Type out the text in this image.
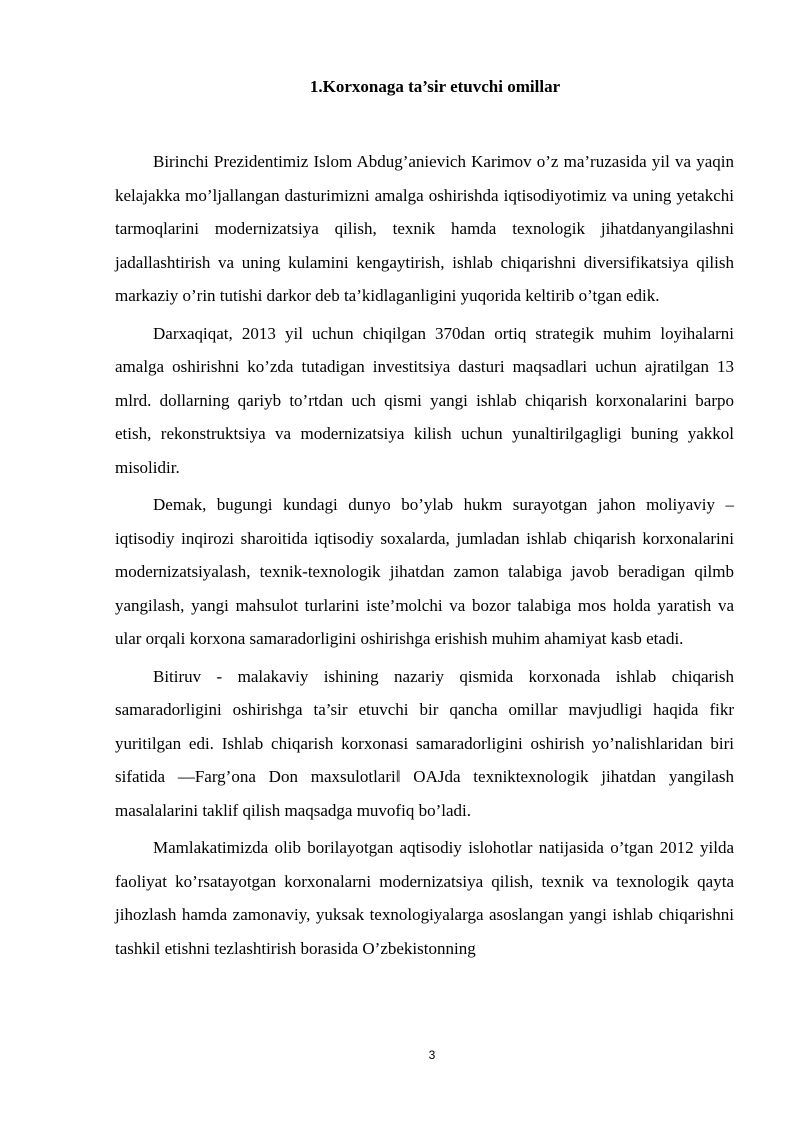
1.Korxonaga ta’sir etuvchi omillar

Birinchi Prezidentimiz Islom Abdug’anievich Karimov o’z ma’ruzasida yil va yaqin kelajakka mo’ljallangan dasturimizni amalga oshirishda iqtisodiyotimiz va uning yetakchi tarmoqlarini modernizatsiya qilish, texnik hamda texnologik jihatdanyangilashni jadallashtirish va uning kulamini kengaytirish, ishlab chiqarishni diversifikatsiya qilish markaziy o’rin tutishi darkor deb ta’kidlaganligini yuqorida keltirib o’tgan edik.

Darxaqiqat, 2013 yil uchun chiqilgan 370dan ortiq strategik muhim loyihalarni amalga oshirishni ko’zda tutadigan investitsiya dasturi maqsadlari uchun ajratilgan 13 mlrd. dollarning qariyb to’rtdan uch qismi yangi ishlab chiqarish korxonalarini barpo etish, rekonstruktsiya va modernizatsiya kilish uchun yunaltirilgagligi buning yakkol misolidir.

Demak, bugungi kundagi dunyo bo’ylab hukm surayotgan jahon moliyaviy – iqtisodiy inqirozi sharoitida iqtisodiy soxalarda, jumladan ishlab chiqarish korxonalarini modernizatsiyalash, texnik-texnologik jihatdan zamon talabiga javob beradigan qilmb yangilash, yangi mahsulot turlarini iste’molchi va bozor talabiga mos holda yaratish va ular orqali korxona samaradorligini oshirishga erishish muhim ahamiyat kasb etadi.

Bitiruv - malakaviy ishining nazariy qismida korxonada ishlab chiqarish samaradorligini oshirishga ta’sir etuvchi bir qancha omillar mavjudligi haqida fikr yuritilgan edi. Ishlab chiqarish korxonasi samaradorligini oshirish yo’nalishlaridan biri sifatida ―Farg’ona Don maxsulotlari‖ OAJda texniktexnologik jihatdan yangilash masalalarini taklif qilish maqsadga muvofiq bo’ladi.

Mamlakatimizda olib borilayotgan aqtisodiy islohotlar natijasida o’tgan 2012 yilda faoliyat ko’rsatayotgan korxonalarni modernizatsiya qilish, texnik va texnologik qayta jihozlash hamda zamonaviy, yuksak texnologiyalarga asoslangan yangi ishlab chiqarishni tashkil etishni tezlashtirish borasida O’zbekistonning

3
